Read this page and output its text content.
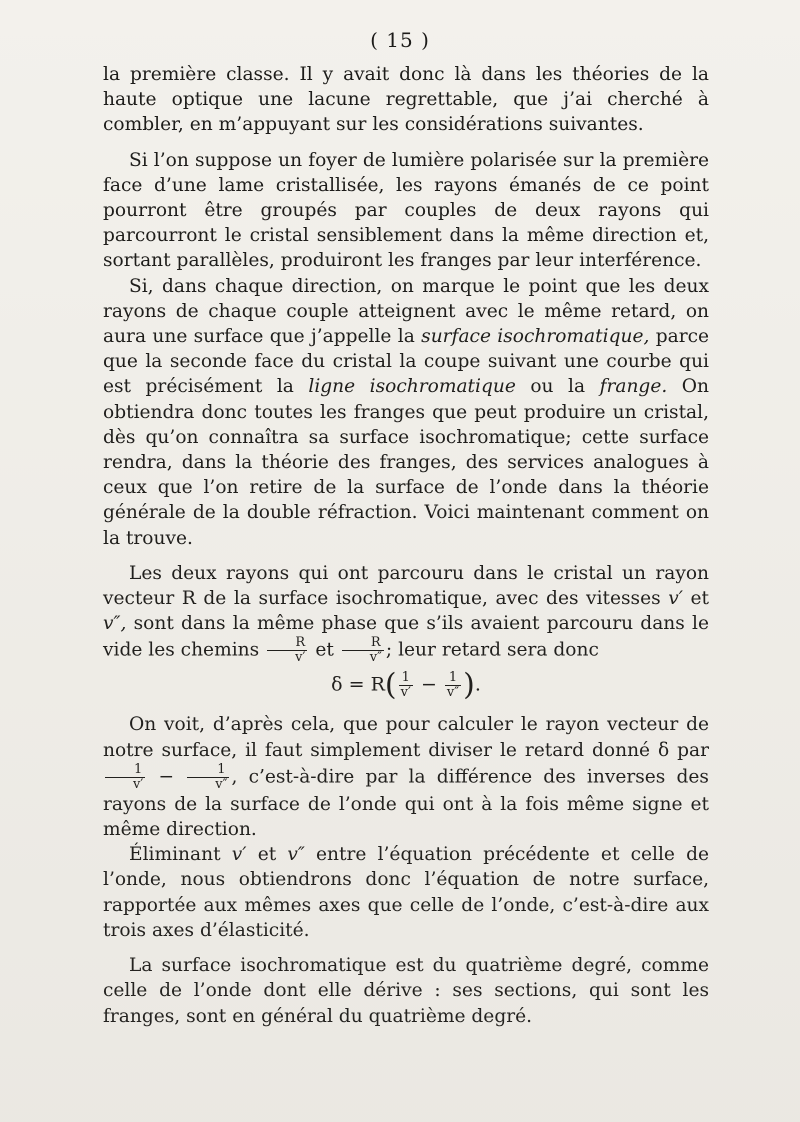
( 15 )

la première classe. Il y avait donc là dans les théories de la haute optique une lacune regrettable, que j’ai cherché à combler, en m’appuyant sur les considérations suivantes.

Si l’on suppose un foyer de lumière polarisée sur la première face d’une lame cristallisée, les rayons émanés de ce point pourront être groupés par couples de deux rayons qui parcourront le cristal sensiblement dans la même direction et, sortant parallèles, produiront les franges par leur interférence.

Si, dans chaque direction, on marque le point que les deux rayons de chaque couple atteignent avec le même retard, on aura une surface que j’appelle la surface isochromatique, parce que la seconde face du cristal la coupe suivant une courbe qui est précisément la ligne isochromatique ou la frange. On obtiendra donc toutes les franges que peut produire un cristal, dès qu’on connaîtra sa surface isochromatique; cette surface rendra, dans la théorie des franges, des services analogues à ceux que l’on retire de la surface de l’onde dans la théorie générale de la double réfraction. Voici maintenant comment on la trouve.

Les deux rayons qui ont parcouru dans le cristal un rayon vecteur R de la surface isochromatique, avec des vitesses v′ et v″, sont dans la même phase que s’ils avaient parcouru dans le vide les chemins $\frac{R}{v'}$ et $\frac{R}{v''}$ ; leur retard sera donc

$\delta = R( \frac{1}{v'} - \frac{1}{v''}$ ).

On voit, d’après cela, que pour calculer le rayon vecteur de notre surface, il faut simplement diviser le retard donné δ par
$\frac{1}{v'} - \frac{1}{v''}$ , c’est-à-dire par la différence des inverses des rayons de la surface de l’onde qui ont à la fois même signe et même direction.

Éliminant v′ et v″ entre l’équation précédente et celle de l’onde, nous obtiendrons donc l’équation de notre surface, rapportée aux mêmes axes que celle de l’onde, c’est-à-dire aux trois axes d’élasticité.

La surface isochromatique est du quatrième degré, comme celle de l’onde dont elle dérive : ses sections, qui sont les franges, sont en général du quatrième degré.
